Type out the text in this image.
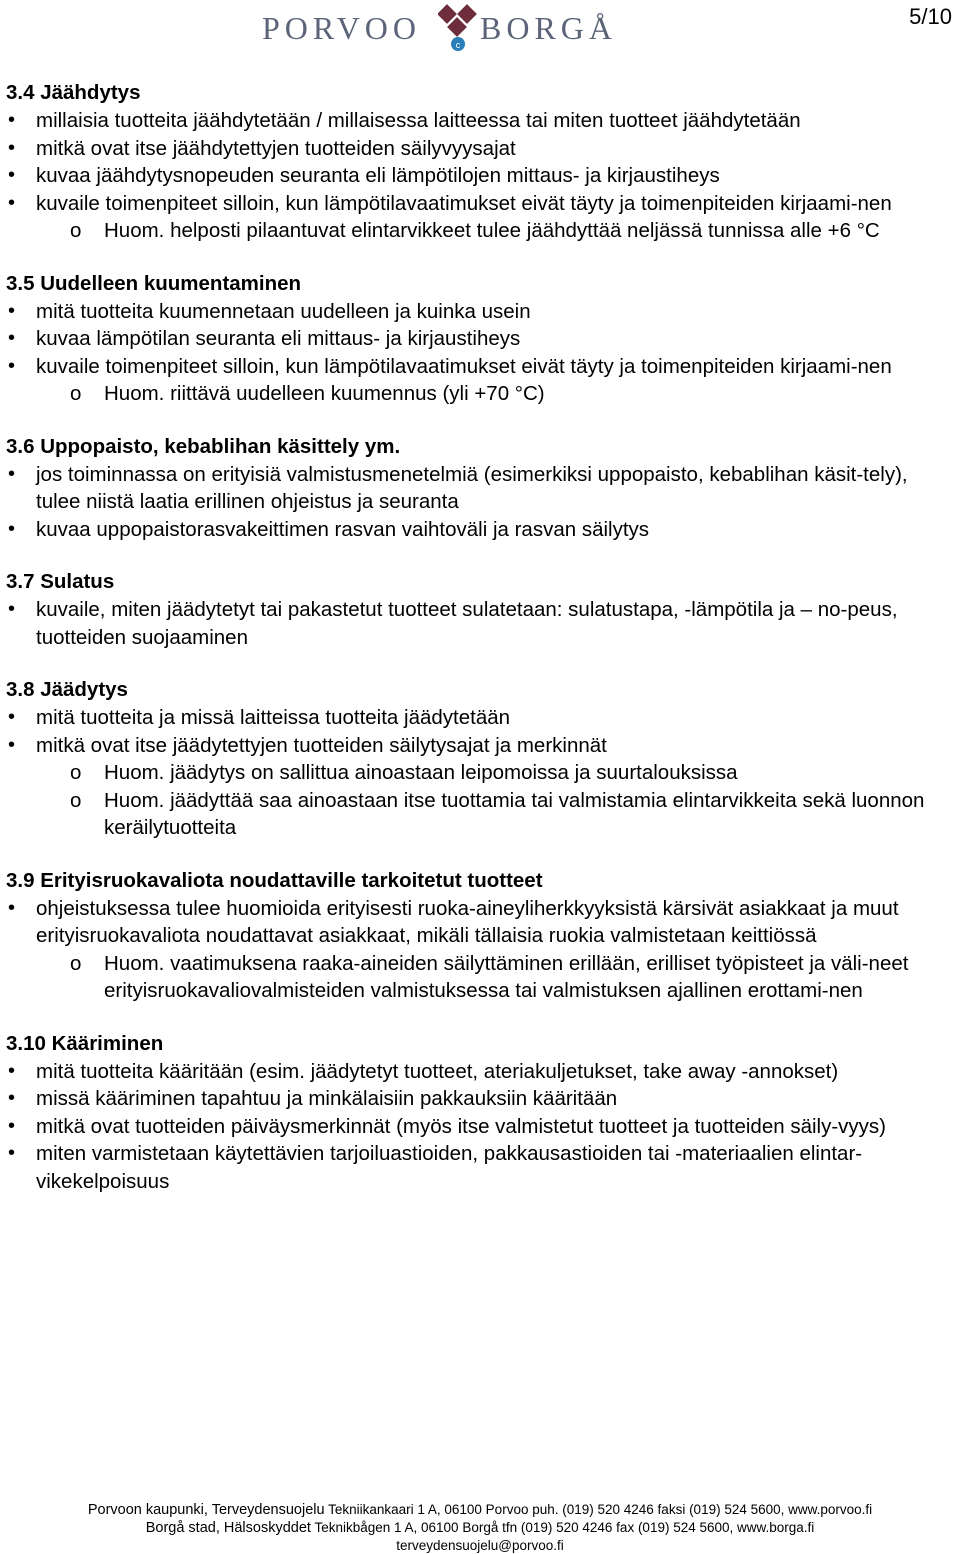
PORVOO	c BORGÅ	5/10
3.4 Jäähdytys
• millaisia tuotteita jäähdytetään / millaisessa laitteessa tai miten tuotteet jäähdytetään
• mitkä ovat itse jäähdytettyjen tuotteiden säilyvyysajat
• kuvaa jäähdytysnopeuden seuranta eli lämpötilojen mittaus- ja kirjaustiheys
• kuvaile toimenpiteet silloin, kun lämpötilavaatimukset eivät täyty ja toimenpiteiden kirjaami-nen
o Huom. helposti pilaantuvat elintarvikkeet tulee jäähdyttää neljässä tunnissa alle +6 °C
3.5 Uudelleen kuumentaminen
• mitä tuotteita kuumennetaan uudelleen ja kuinka usein
• kuvaa lämpötilan seuranta eli mittaus- ja kirjaustiheys
• kuvaile toimenpiteet silloin, kun lämpötilavaatimukset eivät täyty ja toimenpiteiden kirjaami-nen
o Huom. riittävä uudelleen kuumennus (yli +70 °C)
3.6 Uppopaisto, kebablihan käsittely ym.
• jos toiminnassa on erityisiä valmistusmenetelmiä (esimerkiksi uppopaisto, kebablihan käsit-tely), tulee niistä laatia erillinen ohjeistus ja seuranta
• kuvaa uppopaistorasvakeittimen rasvan vaihtoväli ja rasvan säilytys
3.7 Sulatus
• kuvaile, miten jäädytetyt tai pakastetut tuotteet sulatetaan: sulatustapa, -lämpötila ja – no-peus, tuotteiden suojaaminen
3.8 Jäädytys
• mitä tuotteita ja missä laitteissa tuotteita jäädytetään
• mitkä ovat itse jäädytettyjen tuotteiden säilytysajat ja merkinnät
o Huom. jäädytys on sallittua ainoastaan leipomoissa ja suurtalouksissa
o Huom. jäädyttää saa ainoastaan itse tuottamia tai valmistamia elintarvikkeita sekä luonnon keräilytuotteita
3.9 Erityisruokavaliota noudattaville tarkoitetut tuotteet
• ohjeistuksessa tulee huomioida erityisesti ruoka-aineyliherkkyyksistä kärsivät asiakkaat ja muut erityisruokavaliota noudattavat asiakkaat, mikäli tällaisia ruokia valmistetaan keittiössä
o Huom. vaatimuksena raaka-aineiden säilyttäminen erillään, erilliset työpisteet ja väli-neet erityisruokavaliovalmisteiden valmistuksessa tai valmistuksen ajallinen erottami-nen
3.10 Kääriminen
• mitä tuotteita kääritään (esim. jäädytetyt tuotteet, ateriakuljetukset, take away -annokset)
• missä kääriminen tapahtuu ja minkälaisiin pakkauksiin kääritään
• mitkä ovat tuotteiden päiväysmerkinnät (myös itse valmistetut tuotteet ja tuotteiden säily-vyys)
• miten varmistetaan käytettävien tarjoiluastioiden, pakkausastioiden tai -materiaalien elintar-vikekelpoisuus
Porvoon kaupunki, Terveydensuojelu Tekniikankaari 1 A, 06100 Porvoo puh. (019) 520 4246 faksi (019) 524 5600, www.porvoo.fi
Borgå stad, Hälsoskyddet Teknikbågen 1 A, 06100 Borgå tfn (019) 520 4246 fax (019) 524 5600, www.borga.fi
terveydensuojelu@porvoo.fi
